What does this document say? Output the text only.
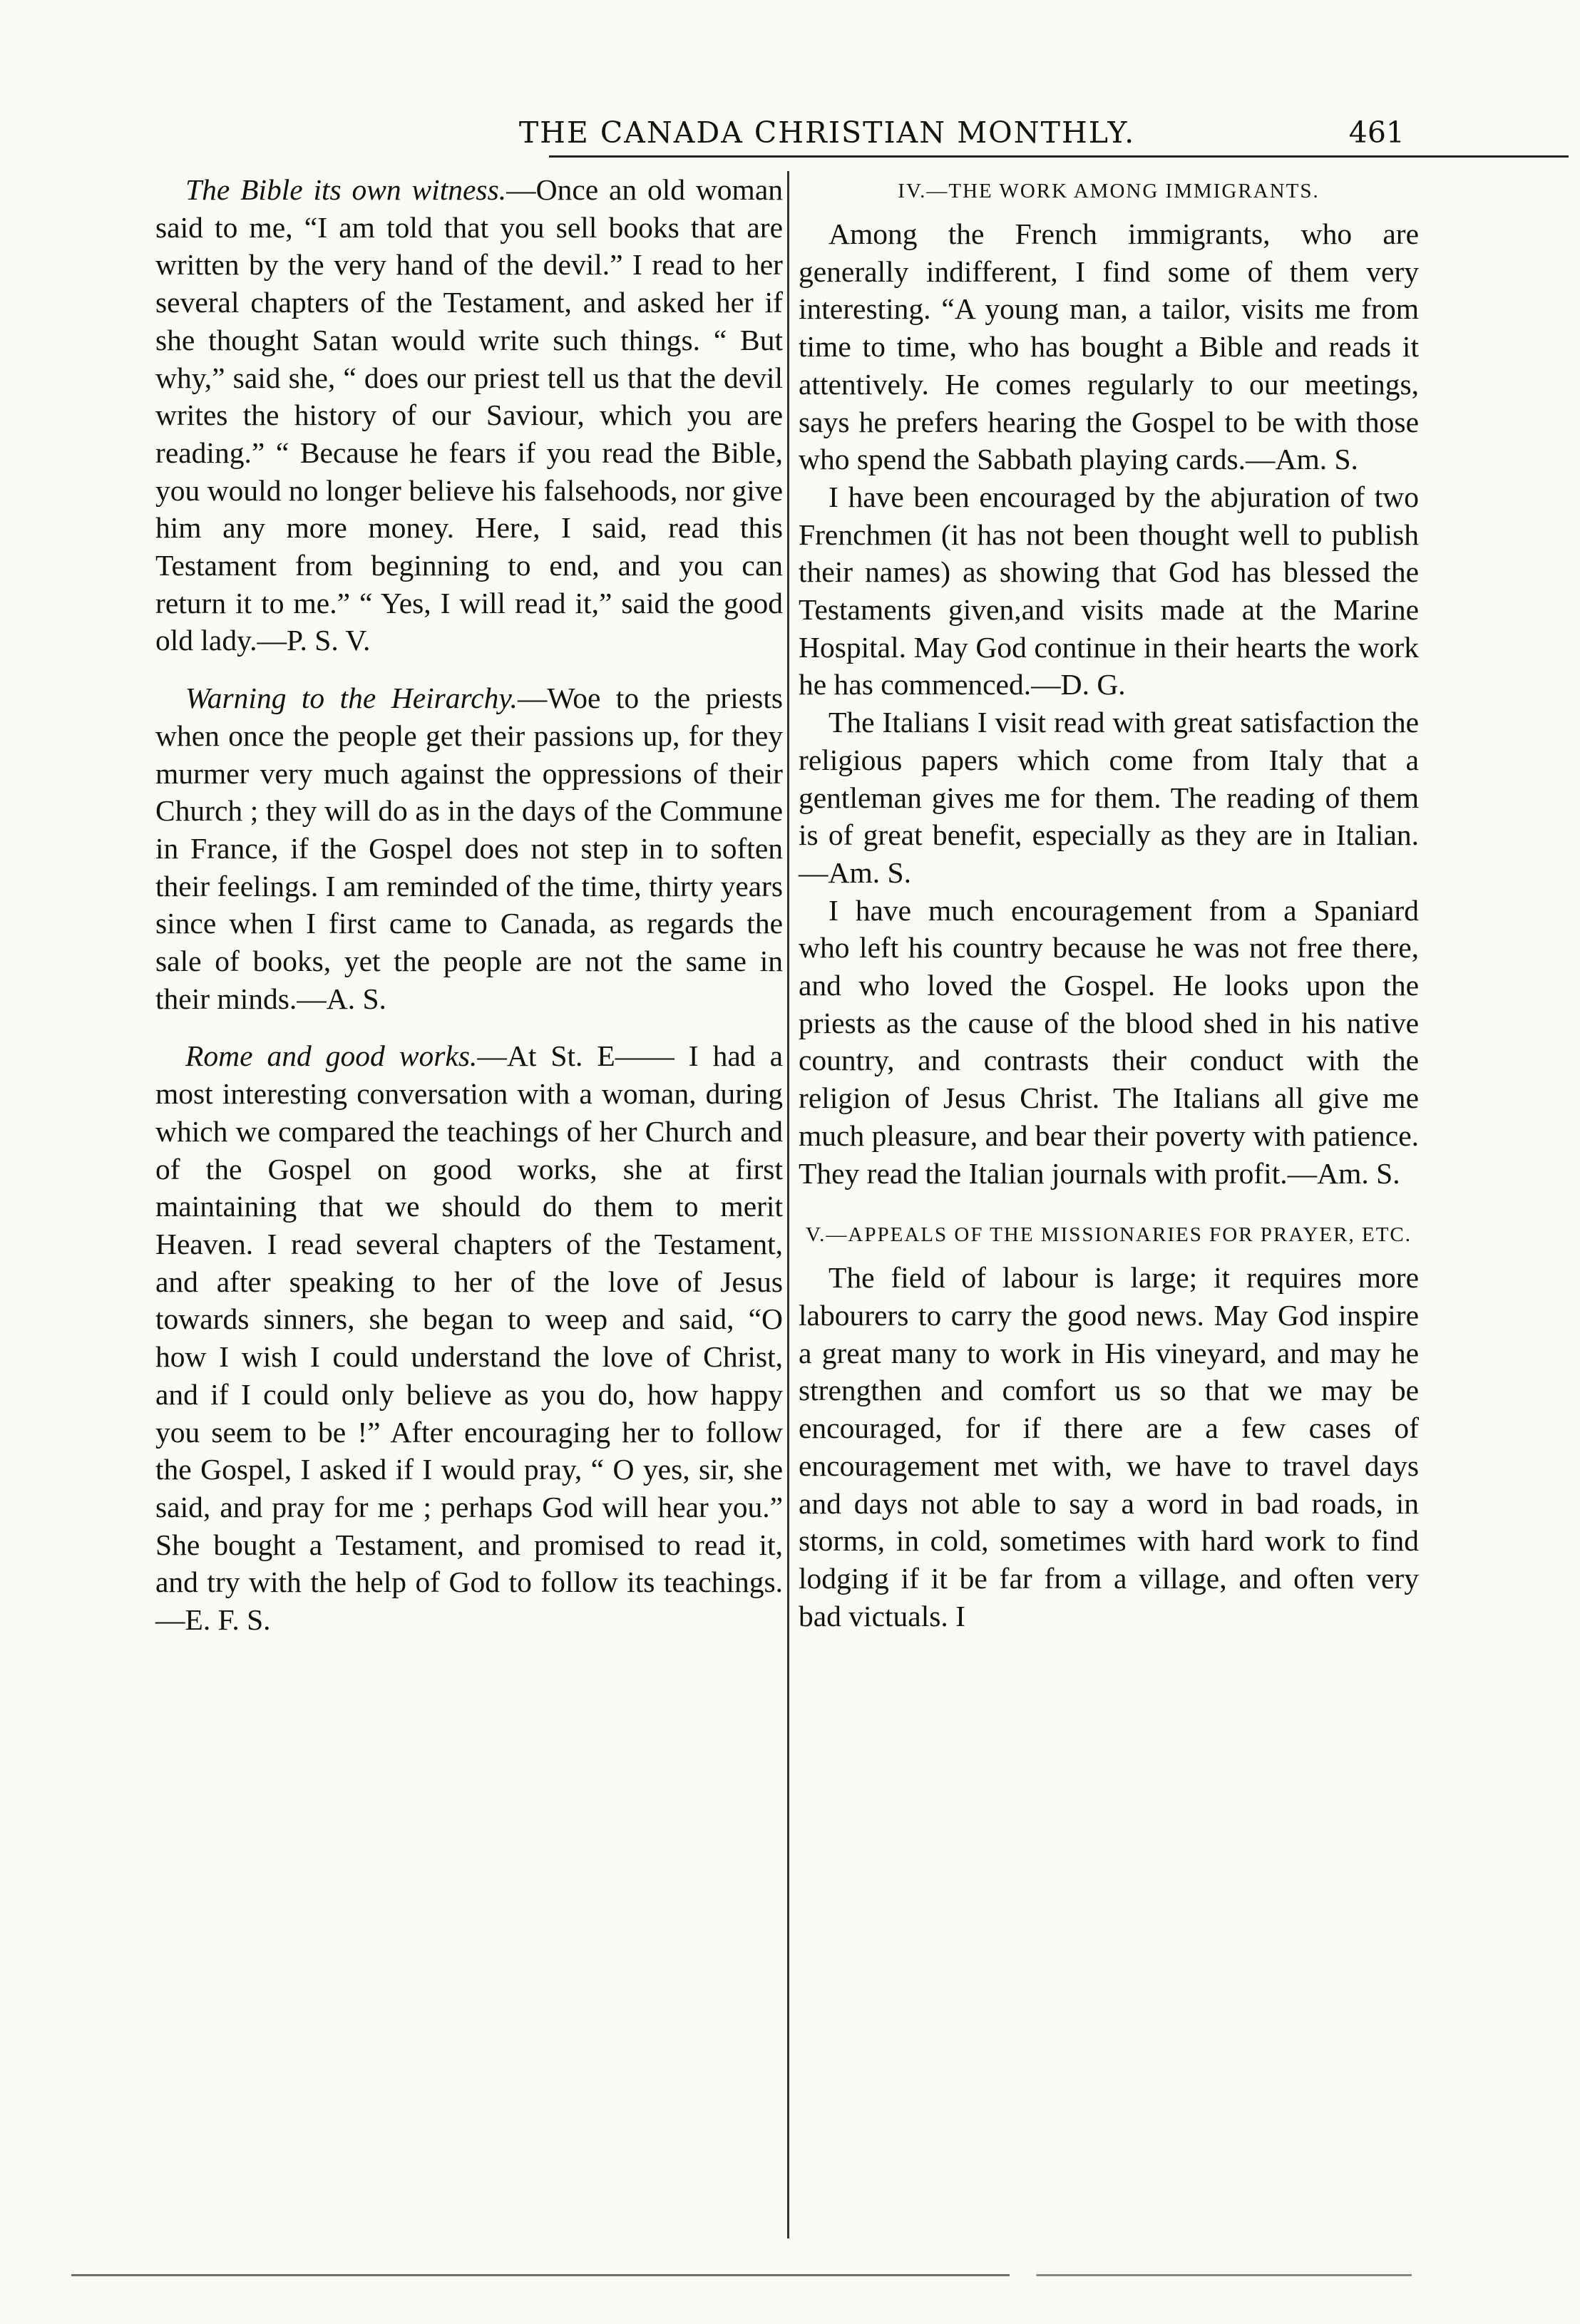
THE CANADA CHRISTIAN MONTHLY.	461

The Bible its own witness.—Once an old woman said to me, “I am told that you sell books that are written by the very hand of the devil.” I read to her several chapters of the Testament, and asked her if she thought Satan would write such things. “ But why,” said she, “ does our priest tell us that the devil writes the history of our Saviour, which you are reading.” “ Because he fears if you read the Bible, you would no longer believe his falsehoods, nor give him any more money. Here, I said, read this Testament from beginning to end, and you can return it to me.” “ Yes, I will read it,” said the good old lady.—P. S. V.

Warning to the Heirarchy.—Woe to the priests when once the people get their passions up, for they murmer very much against the oppressions of their Church ; they will do as in the days of the Commune in France, if the Gospel does not step in to soften their feelings. I am reminded of the time, thirty years since when I first came to Canada, as regards the sale of books, yet the people are not the same in their minds.—A. S.

Rome and good works.—At St. E—— I had a most interesting conversation with a woman, during which we compared the teachings of her Church and of the Gospel on good works, she at first maintaining that we should do them to merit Heaven. I read several chapters of the Testament, and after speaking to her of the love of Jesus towards sinners, she began to weep and said, “O how I wish I could understand the love of Christ, and if I could only believe as you do, how happy you seem to be !” After encouraging her to follow the Gospel, I asked if I would pray, “ O yes, sir, she said, and pray for me ; perhaps God will hear you.” She bought a Testament, and promised to read it, and try with the help of God to follow its teachings.—E. F. S.

IV.—THE WORK AMONG IMMIGRANTS.

Among the French immigrants, who are generally indifferent, I find some of them very interesting. “A young man, a tailor, visits me from time to time, who has bought a Bible and reads it attentively. He comes regularly to our meetings, says he prefers hearing the Gospel to be with those who spend the Sabbath playing cards.—Am. S.

I have been encouraged by the abjuration of two Frenchmen (it has not been thought well to publish their names) as showing that God has blessed the Testaments given,and visits made at the Marine Hospital. May God continue in their hearts the work he has commenced.—D. G.

The Italians I visit read with great satisfaction the religious papers which come from Italy that a gentleman gives me for them. The reading of them is of great benefit, especially as they are in Italian.—Am. S.

I have much encouragement from a Spaniard who left his country because he was not free there, and who loved the Gospel. He looks upon the priests as the cause of the blood shed in his native country, and contrasts their conduct with the religion of Jesus Christ. The Italians all give me much pleasure, and bear their poverty with patience. They read the Italian journals with profit.—Am. S.

V.—APPEALS OF THE MISSIONARIES FOR PRAYER, ETC.

The field of labour is large; it requires more labourers to carry the good news. May God inspire a great many to work in His vineyard, and may he strengthen and comfort us so that we may be encouraged, for if there are a few cases of encouragement met with, we have to travel days and days not able to say a word in bad roads, in storms, in cold, sometimes with hard work to find lodging if it be far from a village, and often very bad victuals. I
